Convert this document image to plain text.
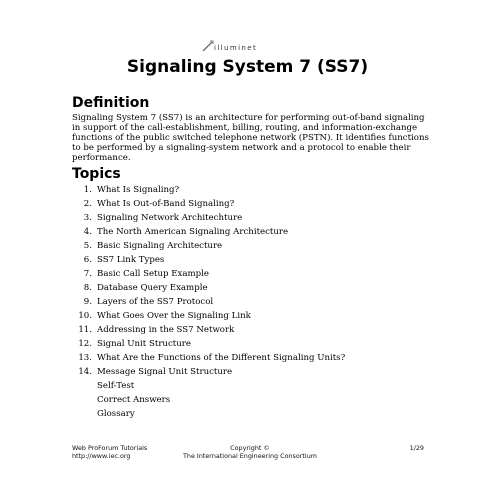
illuminet
Signaling System 7 (SS7)
Definition
Signaling System 7 (SS7) is an architecture for performing out-of-band signaling in support of the call-establishment, billing, routing, and information-exchange functions of the public switched telephone network (PSTN). It identifies functions to be performed by a signaling-system network and a protocol to enable their performance.
Topics
1. What Is Signaling?
2. What Is Out-of-Band Signaling?
3. Signaling Network Architechture
4. The North American Signaling Architecture
5. Basic Signaling Architecture
6. SS7 Link Types
7. Basic Call Setup Example
8. Database Query Example
9. Layers of the SS7 Protocol
10. What Goes Over the Signaling Link
11. Addressing in the SS7 Network
12. Signal Unit Structure
13. What Are the Functions of the Different Signaling Units?
14. Message Signal Unit Structure
Self-Test
Correct Answers
Glossary
Web ProForum Tutorials
http://www.iec.org
Copyright ©
The International Engineering Consortium
1/29
